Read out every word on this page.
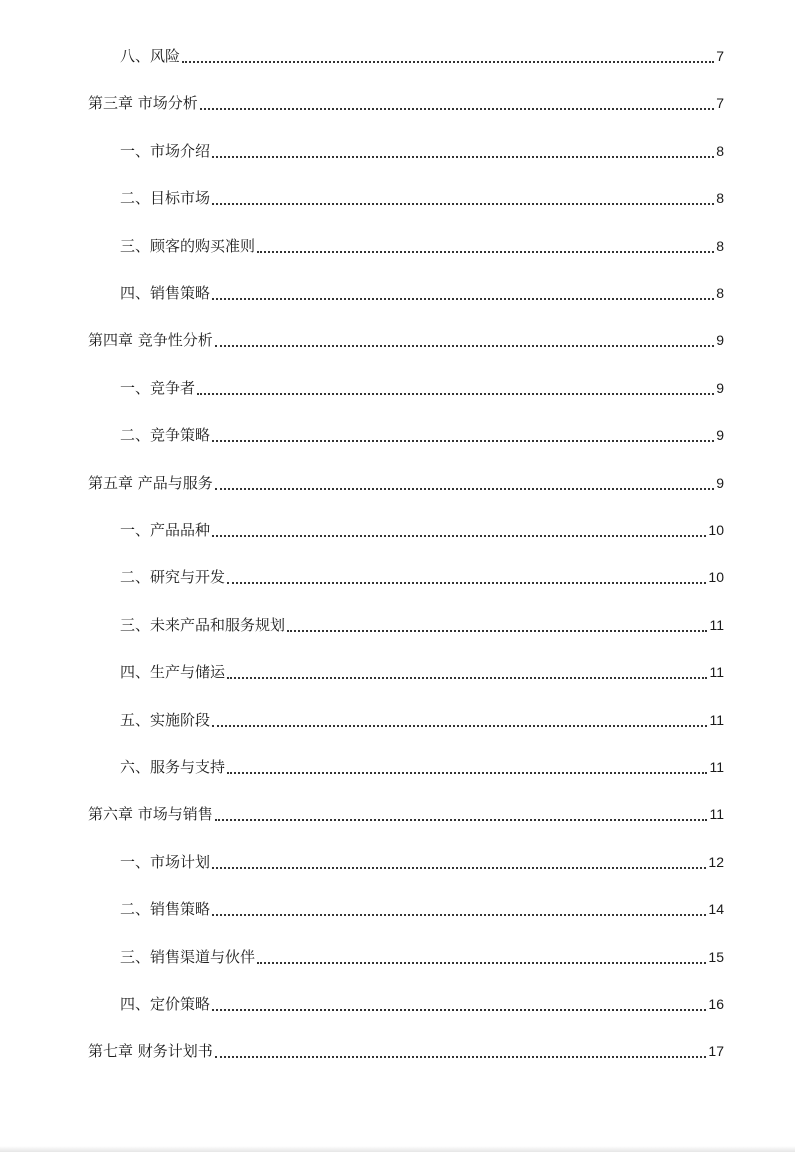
八、风险	7
第三章 市场分析	7
一、市场介绍	8
二、目标市场	8
三、顾客的购买准则	8
四、销售策略	8
第四章 竞争性分析	9
一、竞争者	9
二、竞争策略	9
第五章 产品与服务	9
一、产品品种	10
二、研究与开发	10
三、未来产品和服务规划	11
四、生产与储运	11
五、实施阶段	11
六、服务与支持	11
第六章 市场与销售	11
一、市场计划	12
二、销售策略	14
三、销售渠道与伙伴	15
四、定价策略	16
第七章 财务计划书	17
